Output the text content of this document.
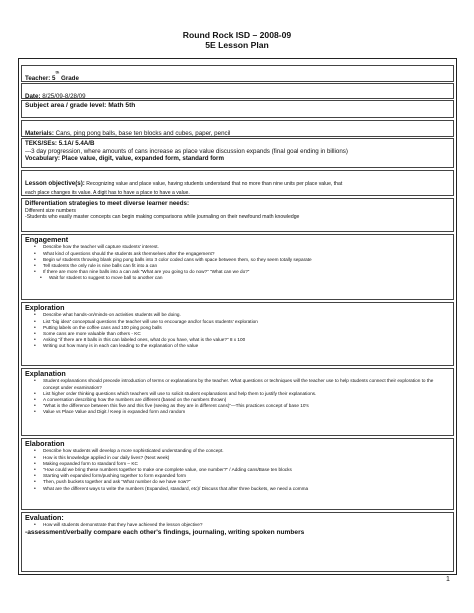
Round Rock ISD – 2008-09
5E Lesson Plan
Teacher: 5th Grade
Date: 8/25/09-8/28/09
Subject area / grade level: Math 5th
Materials: Cans, ping pong balls, base ten blocks and cubes, paper, pencil
TEKS/SEs: 5.1A/ 5.4A/B
---3 day progression, where amounts of cans increase as place value discussion expands (final goal ending in billions)
Vocabulary: Place value, digit, value, expanded form, standard form
Lesson objective(s): Recognizing value and place value, having students understand that no more than nine units per place value, that
each place changes its value. A digit has to have a place to have a value.
Differentiation strategies to meet diverse learner needs:
Different size numbers
-Students who easily master concepts can begin making comparisons while journaling on their newfound math knowledge
Engagement
• Describe how the teacher will capture students' interest.
• What kind of questions should the students ask themselves after the engagement?
• Begin w/ students throwing blank ping pong balls into 3 color coded cans with space between them, so they seem totally separate
• Tell students the only rule is nine balls can fit into a can
• If there are more than nine balls into a can ask “What are you going to do now?” “What can we do?”
• Wait for student to suggest to move ball to another can
Exploration
• Describe what hands-on/minds-on activities students will be doing.
• List “big idea” conceptual questions the teacher will use to encourage and/or focus students' exploration
• Putting labels on the coffee cans and 100 ping pong balls
• Some cans are more valuable than others - KC
• Asking “if there are 8 balls in this can labeled ones, what do you have, what is the value?” 8 x 100
• Writing out how many is in each can leading to the explanation of the value
Explanation
• Student explanations should precede introduction of terms or explanations by the teacher. What questions or techniques will the teacher use to help students connect their exploration to the concept under examination?
• List higher order thinking questions which teachers will use to solicit student explanations and help them to justify their explanations.
• A conversation describing how the numbers are different (based on the numbers thrown)
• “What is the difference between this five and this five (seeing as they are in different cans)”—This practices concept of base 10's
• Value vs Place Value and Digit / Keep in expanded form and random
Elaboration
• Describe how students will develop a more sophisticated understanding of the concept.
• How is this knowledge applied in our daily lives? (Next week)
• Making expanded form to standard form – KC
• “How could we bring these numbers together to make one complete value, one number?” / Adding cans/Base ten blocks
• Starting with expanded form/pushing together to form expanded form
• Then, push buckets together and ask “What number do we have now?”
• What are the different ways to write the numbers (Expanded, standard, etc)/ Discuss that after three buckets, we need a comma
Evaluation:
• How will students demonstrate that they have achieved the lesson objective?
-assessment/verbally compare each other's findings, journaling, writing spoken numbers
1
